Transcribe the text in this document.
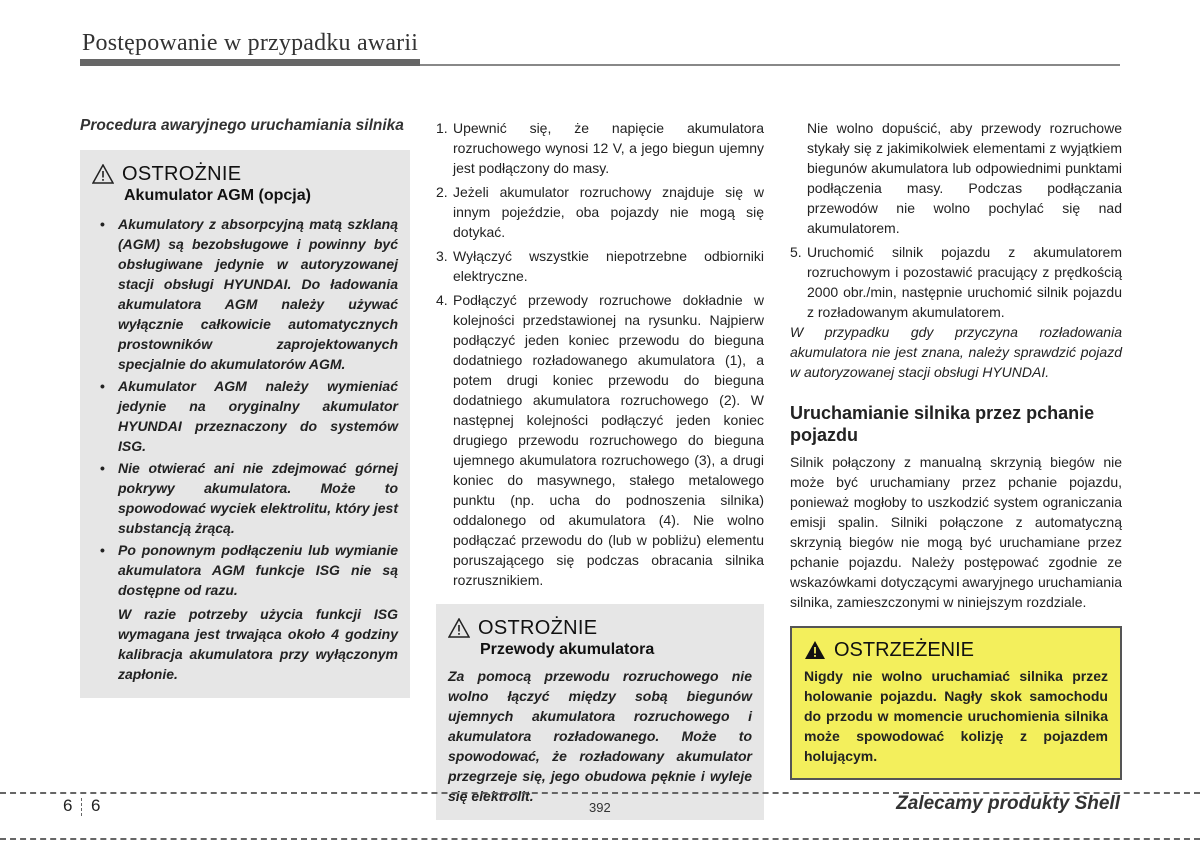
Postępowanie w przypadku awarii
Procedura awaryjnego uruchamiania silnika
OSTROŻNIE
Akumulator AGM (opcja)
• Akumulatory z absorpcyjną matą szklaną (AGM) są bezobsługowe i powinny być obsługiwane jedynie w autoryzowanej stacji obsługi HYUNDAI. Do ładowania akumulatora AGM należy używać wyłącznie całkowicie automatycznych prostowników zaprojektowanych specjalnie do akumulatorów AGM.
• Akumulator AGM należy wymieniać jedynie na oryginalny akumulator HYUNDAI przeznaczony do systemów ISG.
• Nie otwierać ani nie zdejmować górnej pokrywy akumulatora. Może to spowodować wyciek elektrolitu, który jest substancją żrącą.
• Po ponownym podłączeniu lub wymianie akumulatora AGM funkcje ISG nie są dostępne od razu.
W razie potrzeby użycia funkcji ISG wymagana jest trwająca około 4 godziny kalibracja akumulatora przy wyłączonym zapłonie.
1. Upewnić się, że napięcie akumulatora rozruchowego wynosi 12 V, a jego biegun ujemny jest podłączony do masy.
2. Jeżeli akumulator rozruchowy znajduje się w innym pojeździe, oba pojazdy nie mogą się dotykać.
3. Wyłączyć wszystkie niepotrzebne odbiorniki elektryczne.
4. Podłączyć przewody rozruchowe dokładnie w kolejności przedstawionej na rysunku. Najpierw podłączyć jeden koniec przewodu do bieguna dodatniego rozładowanego akumulatora (1), a potem drugi koniec przewodu do bieguna dodatniego akumulatora rozruchowego (2). W następnej kolejności podłączyć jeden koniec drugiego przewodu rozruchowego do bieguna ujemnego akumulatora rozruchowego (3), a drugi koniec do masywnego, stałego metalowego punktu (np. ucha do podnoszenia silnika) oddalonego od akumulatora (4). Nie wolno podłączać przewodu do (lub w pobliżu) elementu poruszającego się podczas obracania silnika rozrusznikiem.
OSTROŻNIE
Przewody akumulatora
Za pomocą przewodu rozruchowego nie wolno łączyć między sobą biegunów ujemnych akumulatora rozruchowego i akumulatora rozładowanego. Może to spowodować, że rozładowany akumulator przegrzeje się, jego obudowa pęknie i wyleje się elektrolit.
Nie wolno dopuścić, aby przewody rozruchowe stykały się z jakimikolwiek elementami z wyjątkiem biegunów akumulatora lub odpowiednimi punktami podłączenia masy. Podczas podłączania przewodów nie wolno pochylać się nad akumulatorem.
5. Uruchomić silnik pojazdu z akumulatorem rozruchowym i pozostawić pracujący z prędkością 2000 obr./min, następnie uruchomić silnik pojazdu z rozładowanym akumulatorem.
W przypadku gdy przyczyna rozładowania akumulatora nie jest znana, należy sprawdzić pojazd w autoryzowanej stacji obsługi HYUNDAI.
Uruchamianie silnika przez pchanie pojazdu
Silnik połączony z manualną skrzynią biegów nie może być uruchamiany przez pchanie pojazdu, ponieważ mogłoby to uszkodzić system ograniczania emisji spalin. Silniki połączone z automatyczną skrzynią biegów nie mogą być uruchamiane przez pchanie pojazdu. Należy postępować zgodnie ze wskazówkami dotyczącymi awaryjnego uruchamiania silnika, zamieszczonymi w niniejszym rozdziale.
OSTRZEŻENIE
Nigdy nie wolno uruchamiać silnika przez holowanie pojazdu. Nagły skok samochodu do przodu w momencie uruchomienia silnika może spowodować kolizję z pojazdem holującym.
6 6	392	Zalecamy produkty Shell
